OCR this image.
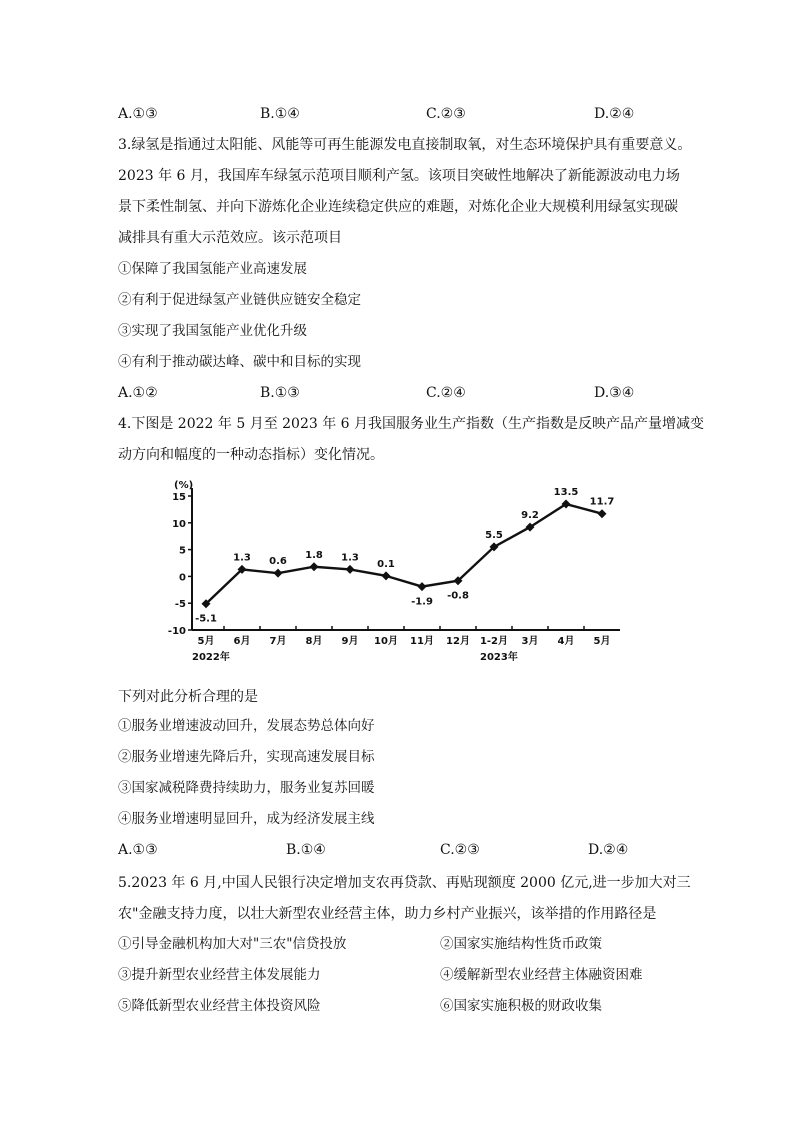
A.①③	B.①④	C.②③	D.②④
3.绿氢是指通过太阳能、风能等可再生能源发电直接制取氧，对生态环境保护具有重要意义。
2023 年 6 月，我国库车绿氢示范项目顺利产氢。该项目突破性地解决了新能源波动电力场
景下柔性制氢、并向下游炼化企业连续稳定供应的难题，对炼化企业大规模利用绿氢实现碳
减排具有重大示范效应。该示范项目
①保障了我国氢能产业高速发展
②有利于促进绿氢产业链供应链安全稳定
③实现了我国氢能产业优化升级
④有利于推动碳达峰、碳中和目标的实现
A.①②	B.①③	C.②④	D.③④
4.下图是 2022 年 5 月至 2023 年 6 月我国服务业生产指数（生产指数是反映产品产量增减变
动方向和幅度的一种动态指标）变化情况。
(%)
15
10
5
0
-5
-10
5月 6月 7月 8月 9月 10月 11月 12月 1-2月 3月 4月 5月
2022年	2023年
-5.1
1.3 0.6
1.8 1.3
0.1
-1.9
-0.8
5.5
9.2
13.5
11.7
下列对此分析合理的是
①服务业增速波动回升，发展态势总体向好
②服务业增速先降后升，实现高速发展目标
③国家减税降费持续助力，服务业复苏回暖
④服务业增速明显回升，成为经济发展主线
A.①③	B.①④	C.②③	D.②④
5.2023 年 6 月,中国人民银行决定增加支农再贷款、再贴现额度 2000 亿元,进一步加大对三
农"金融支持力度，以壮大新型农业经营主体，助力乡村产业振兴，该举措的作用路径是
①引导金融机构加大对"三农"信贷投放	②国家实施结构性货币政策
③提升新型农业经营主体发展能力	④缓解新型农业经营主体融资困难
⑤降低新型农业经营主体投资风险	⑥国家实施积极的财政收集
